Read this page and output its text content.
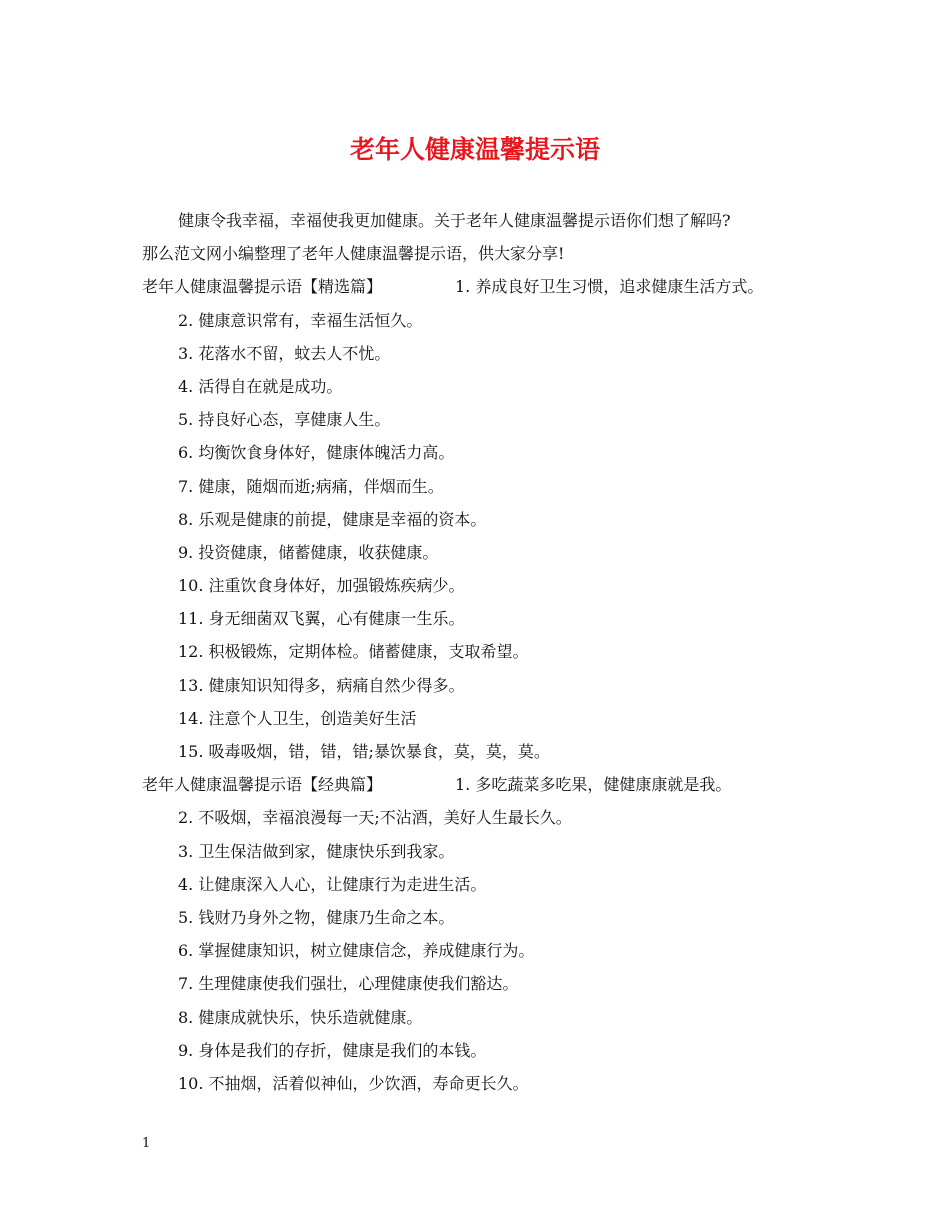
老年人健康温馨提示语
健康令我幸福，幸福使我更加健康。关于老年人健康温馨提示语你们想了解吗?
那么范文网小编整理了老年人健康温馨提示语，供大家分享!
老年人健康温馨提示语【精选篇】	1. 养成良好卫生习惯，追求健康生活方式。
2. 健康意识常有，幸福生活恒久。
3. 花落水不留，蚊去人不忧。
4. 活得自在就是成功。
5. 持良好心态，享健康人生。
6. 均衡饮食身体好，健康体魄活力高。
7. 健康，随烟而逝;病痛，伴烟而生。
8. 乐观是健康的前提，健康是幸福的资本。
9. 投资健康，储蓄健康，收获健康。
10. 注重饮食身体好，加强锻炼疾病少。
11. 身无细菌双飞翼，心有健康一生乐。
12. 积极锻炼，定期体检。储蓄健康，支取希望。
13. 健康知识知得多，病痛自然少得多。
14. 注意个人卫生，创造美好生活
15. 吸毒吸烟，错，错，错;暴饮暴食，莫，莫，莫。
老年人健康温馨提示语【经典篇】	1. 多吃蔬菜多吃果，健健康康就是我。
2. 不吸烟，幸福浪漫每一天;不沾酒，美好人生最长久。
3. 卫生保洁做到家，健康快乐到我家。
4. 让健康深入人心，让健康行为走进生活。
5. 钱财乃身外之物，健康乃生命之本。
6. 掌握健康知识，树立健康信念，养成健康行为。
7. 生理健康使我们强壮，心理健康使我们豁达。
8. 健康成就快乐，快乐造就健康。
9. 身体是我们的存折，健康是我们的本钱。
10. 不抽烟，活着似神仙，少饮酒，寿命更长久。
1
